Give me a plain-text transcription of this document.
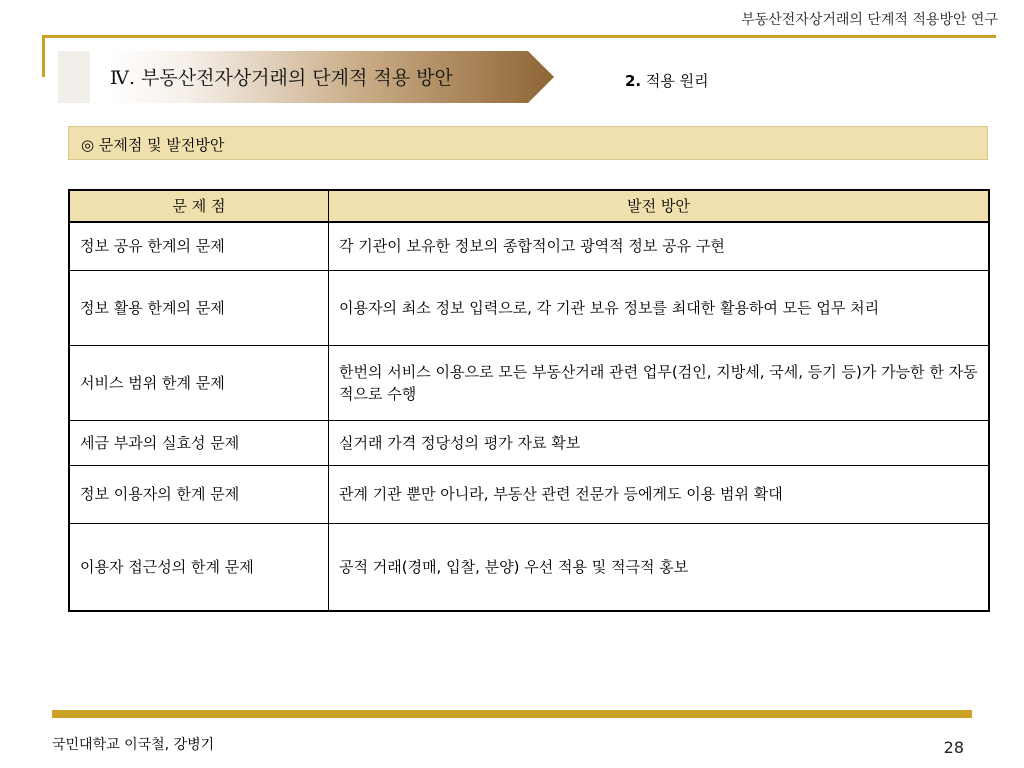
부동산전자상거래의 단계적 적용방안 연구
Ⅳ. 부동산전자상거래의 단계적 적용 방안	2. 적용 원리
◎ 문제점 및 발전방안
문 제 점	발전 방안
정보 공유 한계의 문제	각 기관이 보유한 정보의 종합적이고 광역적 정보 공유 구현
정보 활용 한계의 문제	이용자의 최소 정보 입력으로, 각 기관 보유 정보를 최대한 활용하여 모든 업무 처리
서비스 범위 한계 문제	한번의 서비스 이용으로 모든 부동산거래 관련 업무(검인, 지방세, 국세, 등기 등)가 가능한 한 자동적으로 수행
세금 부과의 실효성 문제	실거래 가격 정당성의 평가 자료 확보
정보 이용자의 한계 문제	관계 기관 뿐만 아니라, 부동산 관련 전문가 등에게도 이용 범위 확대
이용자 접근성의 한계 문제	공적 거래(경매, 입찰, 분양) 우선 적용 및 적극적 홍보
국민대학교 이국철, 강병기	28
